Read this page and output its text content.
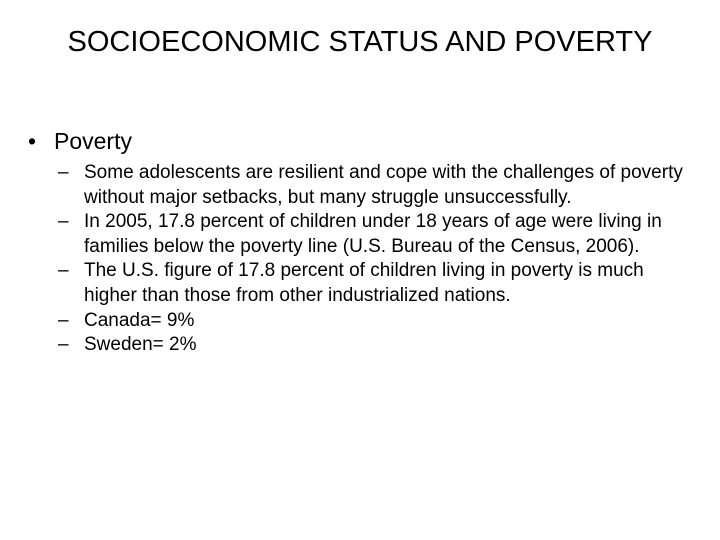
SOCIOECONOMIC STATUS AND POVERTY
• Poverty
– Some adolescents are resilient and cope with the challenges of poverty without major setbacks, but many struggle unsuccessfully.
– In 2005, 17.8 percent of children under 18 years of age were living in families below the poverty line (U.S. Bureau of the Census, 2006).
– The U.S. figure of 17.8 percent of children living in poverty is much higher than those from other industrialized nations.
– Canada= 9%
– Sweden= 2%
